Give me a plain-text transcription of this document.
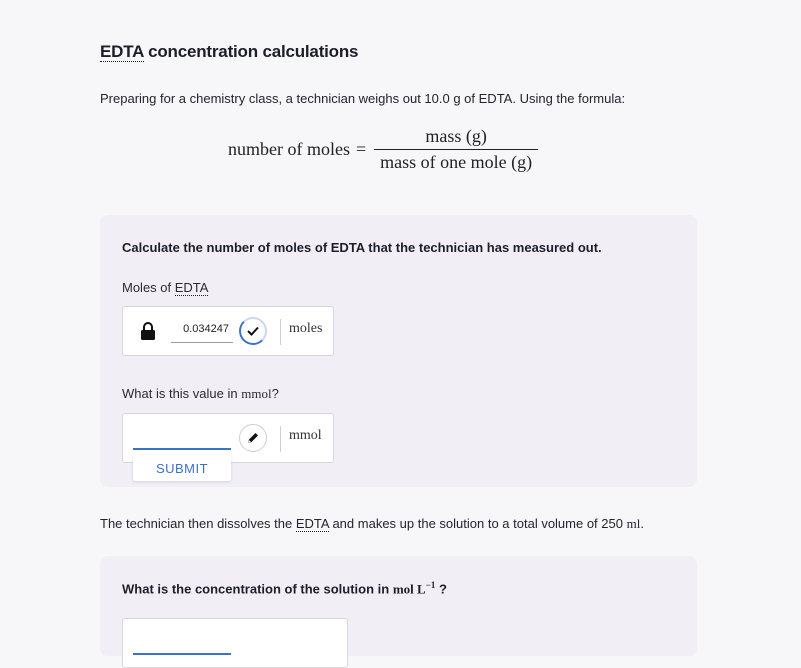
EDTA concentration calculations

Preparing for a chemistry class, a technician weighs out 10.0 g of EDTA. Using the formula:

number of moles = $\frac{\text{mass (g)}}{\text{mass of one mole (g)}}$

Calculate the number of moles of EDTA that the technician has measured out.

Moles of EDTA

0.034247	moles

What is this value in mmol?

mmol
SUBMIT

The technician then dissolves the EDTA and makes up the solution to a total volume of 250 ml.

What is the concentration of the solution in mol $L^{-1}$ ?
